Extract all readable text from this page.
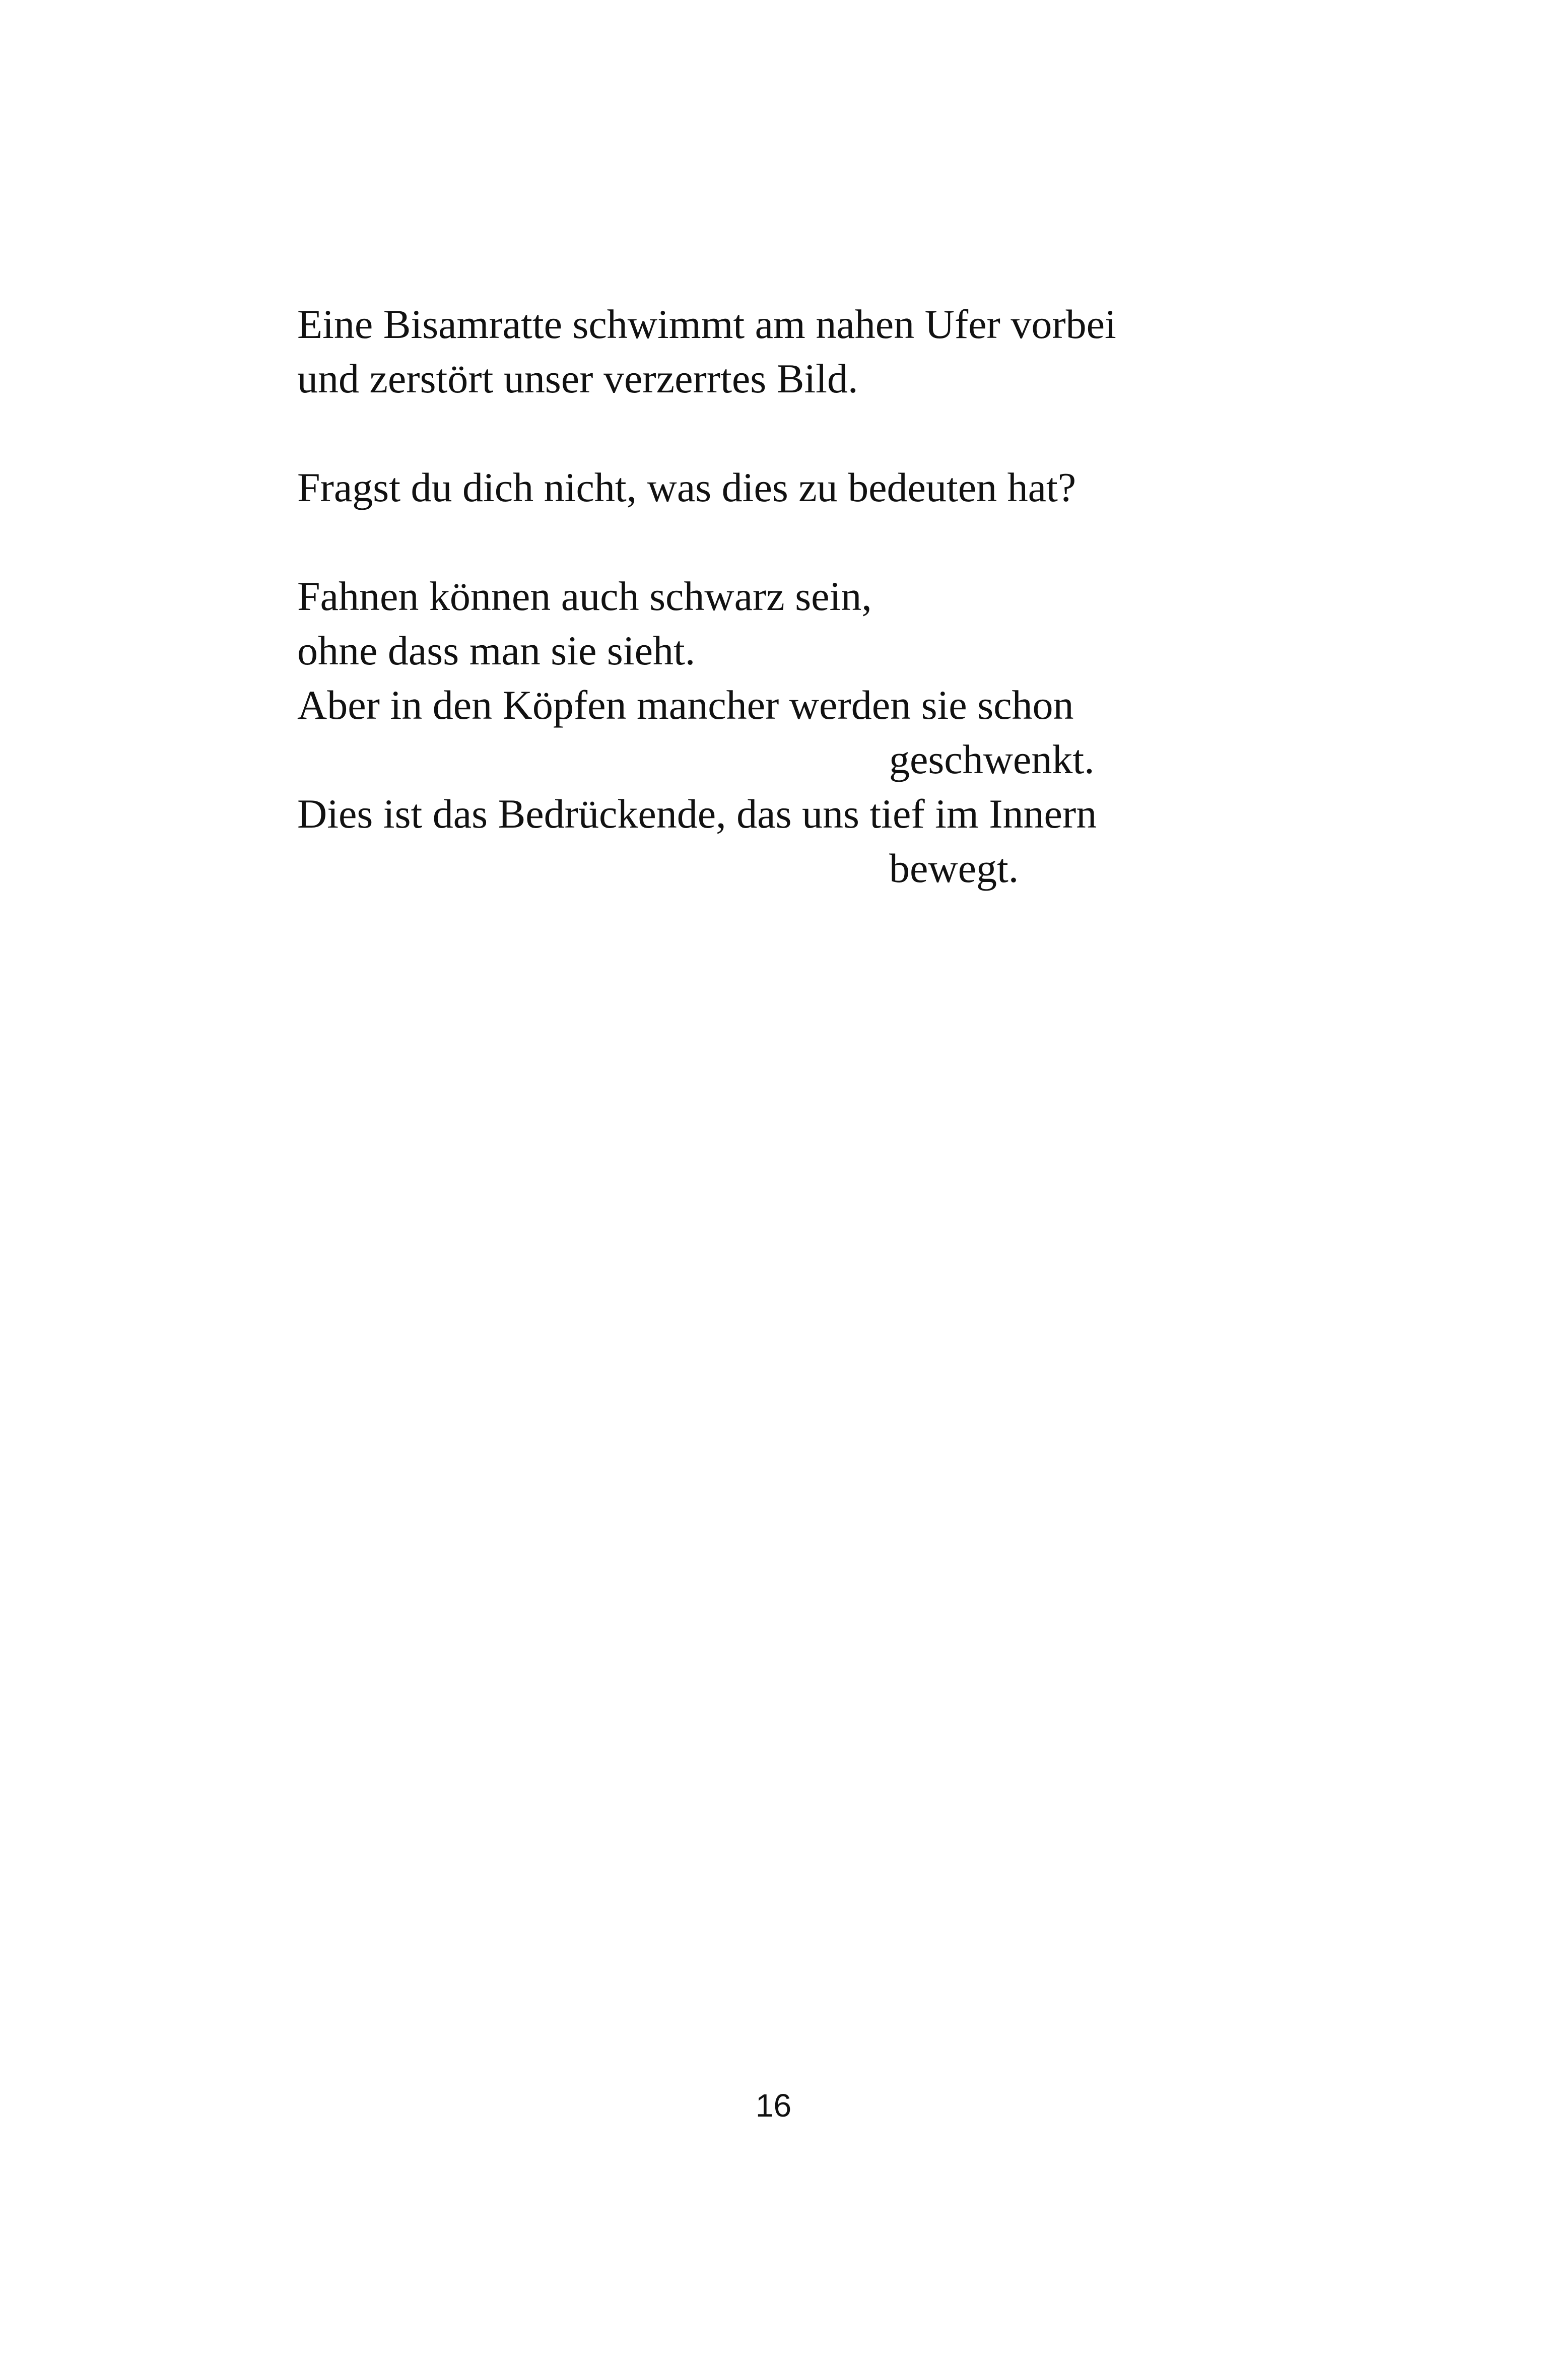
Eine Bisamratte schwimmt am nahen Ufer vorbei
und zerstört unser verzerrtes Bild.
Fragst du dich nicht, was dies zu bedeuten hat?
Fahnen können auch schwarz sein,
ohne dass man sie sieht.
Aber in den Köpfen mancher werden sie schon
geschwenkt.
Dies ist das Bedrückende, das uns tief im Innern
bewegt.
16
